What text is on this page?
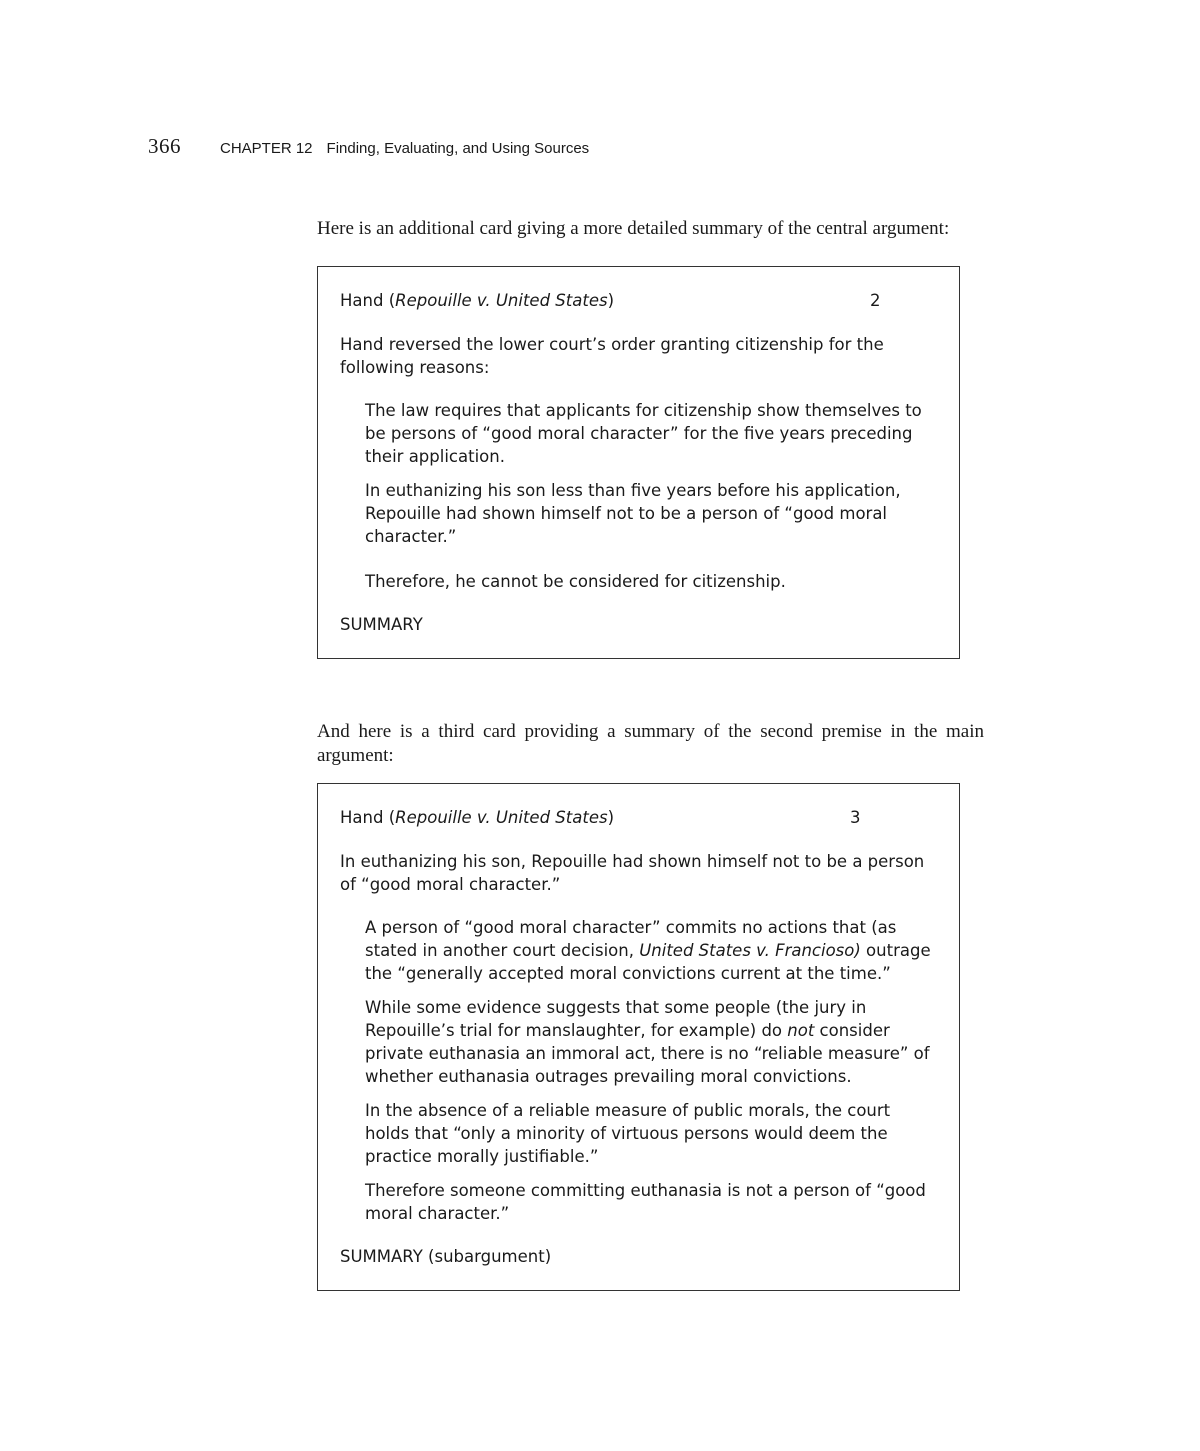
366	CHAPTER 12 Finding, Evaluating, and Using Sources

Here is an additional card giving a more detailed summary of the central argument:

Hand (Repouille v. United States)	2
Hand reversed the lower court’s order granting citizenship for the following reasons:

The law requires that applicants for citizenship show themselves to be persons of “good moral character” for the five years preceding their application.

In euthanizing his son less than five years before his application, Repouille had shown himself not to be a person of “good moral character.”

Therefore, he cannot be considered for citizenship.

SUMMARY

And here is a third card providing a summary of the second premise in the main argument:

Hand (Repouille v. United States)	3
In euthanizing his son, Repouille had shown himself not to be a person of “good moral character.”

A person of “good moral character” commits no actions that (as stated in another court decision, United States v. Francioso) outrage the “generally accepted moral convictions current at the time.”

While some evidence suggests that some people (the jury in Repouille’s trial for manslaughter, for example) do not consider private euthanasia an immoral act, there is no “reliable measure” of whether euthanasia outrages prevailing moral convictions.

In the absence of a reliable measure of public morals, the court holds that “only a minority of virtuous persons would deem the practice morally justifiable.”

Therefore someone committing euthanasia is not a person of “good moral character.”

SUMMARY (subargument)
